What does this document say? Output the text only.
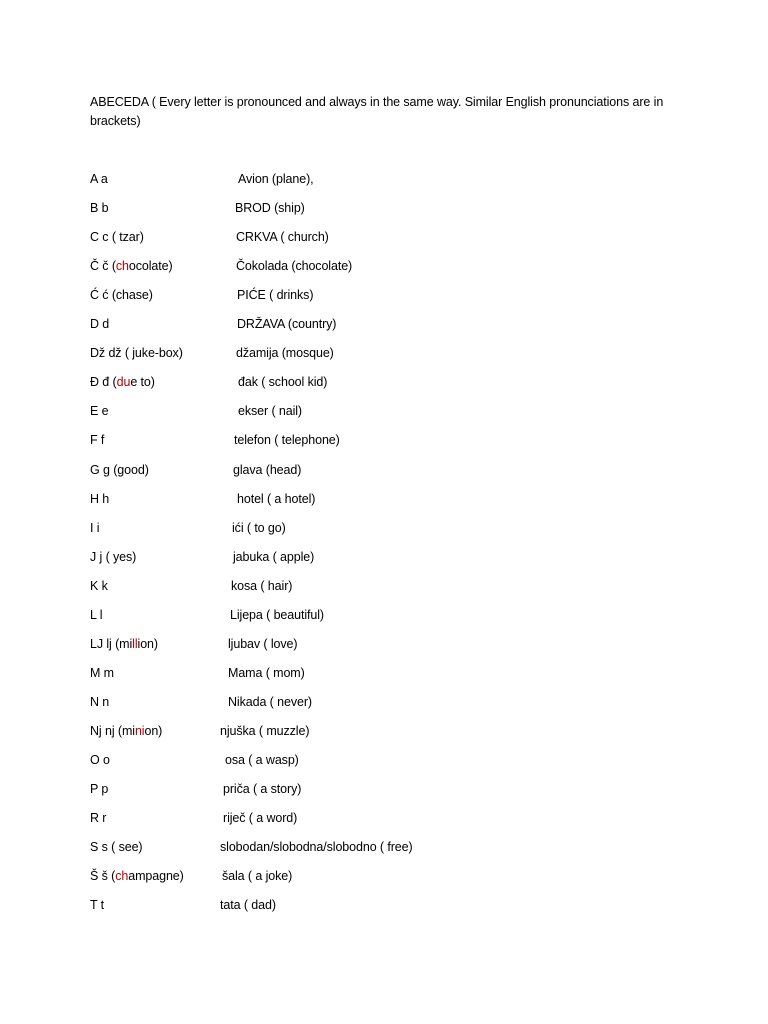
ABECEDA ( Every letter is pronounced and always in the same way. Similar English pronunciations are in brackets)
A a	Avion (plane),
B b	BROD (ship)
C c ( tzar)	CRKVA ( church)
Č č (chocolate)	Čokolada (chocolate)
Ć ć (chase)	PIĆE ( drinks)
D d	DRŽAVA (country)
Dž dž ( juke-box)	džamija (mosque)
Đ đ (due to)	đak ( school kid)
E e	ekser ( nail)
F f	telefon ( telephone)
G g (good)	glava (head)
H h	hotel ( a hotel)
I i	ići ( to go)
J j ( yes)	jabuka ( apple)
K k	kosa ( hair)
L l	Lijepa ( beautiful)
LJ lj (million)	ljubav ( love)
M m	Mama ( mom)
N n	Nikada ( never)
Nj nj (minion)	njuška ( muzzle)
O o	osa ( a wasp)
P p	priča ( a story)
R r	riječ ( a word)
S s ( see)	slobodan/slobodna/slobodno ( free)
Š š (champagne)	šala ( a joke)
T t	tata ( dad)
